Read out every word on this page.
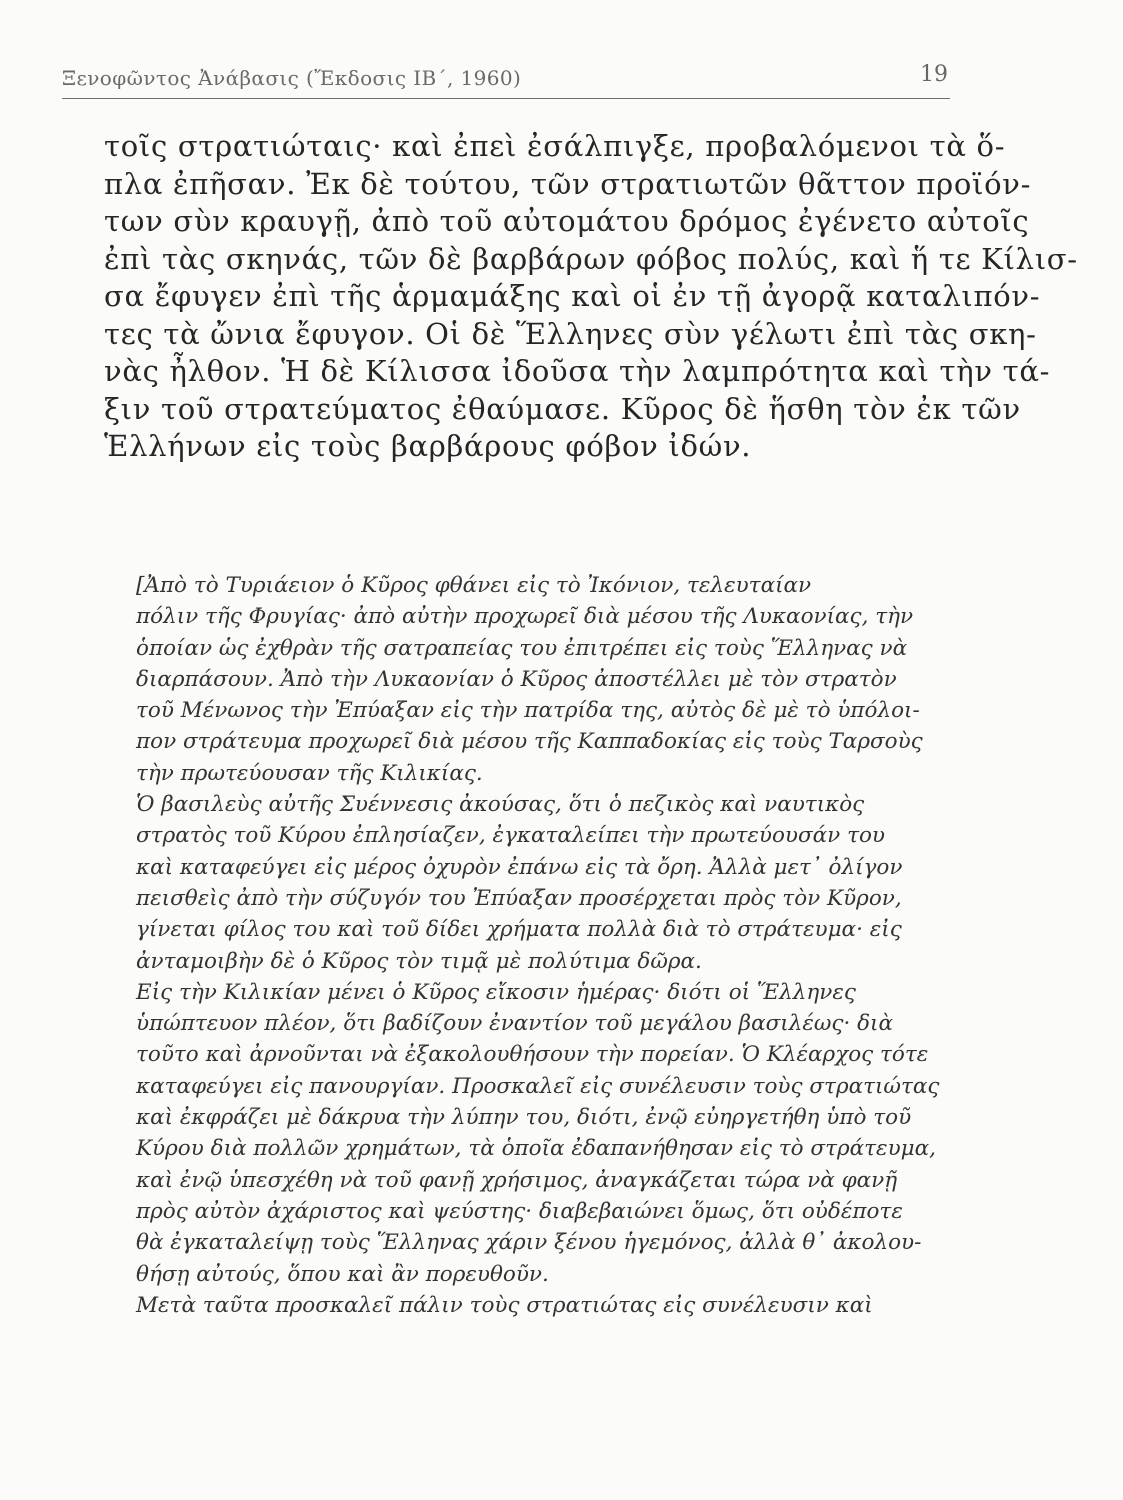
Ξενοφῶντος Ἀνάβασις (Ἔκδοσις ΙΒ΄, 1960)	19
τοῖς στρατιώταις· καὶ ἐπεὶ ἐσάλπιγξε, προβαλόμενοι τὰ ὅ-
πλα ἐπῆσαν. Ἐκ δὲ τούτου, τῶν στρατιωτῶν θᾶττον προϊόν-
των σὺν κραυγῇ, ἀπὸ τοῦ αὐτομάτου δρόμος ἐγένετο αὐτοῖς
ἐπὶ τὰς σκηνάς, τῶν δὲ βαρβάρων φόβος πολύς, καὶ ἥ τε Κίλισ-
σα ἔφυγεν ἐπὶ τῆς ἁρμαμάξης καὶ οἱ ἐν τῇ ἀγορᾷ καταλιπόν-
τες τὰ ὤνια ἔφυγον. Οἱ δὲ Ἕλληνες σὺν γέλωτι ἐπὶ τὰς σκη-
νὰς ἦλθον. Ἡ δὲ Κίλισσα ἰδοῦσα τὴν λαμπρότητα καὶ τὴν τά-
ξιν τοῦ στρατεύματος ἐθαύμασε. Κῦρος δὲ ἥσθη τὸν ἐκ τῶν
Ἑλλήνων εἰς τοὺς βαρβάρους φόβον ἰδών.
[Ἀπὸ τὸ Τυριάειον ὁ Κῦρος φθάνει εἰς τὸ Ἰκόνιον, τελευταίαν
πόλιν τῆς Φρυγίας· ἀπὸ αὐτὴν προχωρεῖ διὰ μέσου τῆς Λυκαονίας, τὴν
ὁποίαν ὡς ἐχθρὰν τῆς σατραπείας του ἐπιτρέπει εἰς τοὺς Ἕλληνας νὰ
διαρπάσουν. Ἀπὸ τὴν Λυκαονίαν ὁ Κῦρος ἀποστέλλει μὲ τὸν στρατὸν
τοῦ Μένωνος τὴν Ἐπύαξαν εἰς τὴν πατρίδα της, αὐτὸς δὲ μὲ τὸ ὑπόλοι-
πον στράτευμα προχωρεῖ διὰ μέσου τῆς Καππαδοκίας εἰς τοὺς Ταρσοὺς
τὴν πρωτεύουσαν τῆς Κιλικίας.
Ὁ βασιλεὺς αὐτῆς Συέννεσις ἀκούσας, ὅτι ὁ πεζικὸς καὶ ναυτικὸς
στρατὸς τοῦ Κύρου ἐπλησίαζεν, ἐγκαταλείπει τὴν πρωτεύουσάν του
καὶ καταφεύγει εἰς μέρος ὀχυρὸν ἐπάνω εἰς τὰ ὄρη. Ἀλλὰ μετ᾽ ὀλίγον
πεισθεὶς ἀπὸ τὴν σύζυγόν του Ἐπύαξαν προσέρχεται πρὸς τὸν Κῦρον,
γίνεται φίλος του καὶ τοῦ δίδει χρήματα πολλὰ διὰ τὸ στράτευμα· εἰς
ἀνταμοιβὴν δὲ ὁ Κῦρος τὸν τιμᾷ μὲ πολύτιμα δῶρα.
Εἰς τὴν Κιλικίαν μένει ὁ Κῦρος εἴκοσιν ἡμέρας· διότι οἱ Ἕλληνες
ὑπώπτευον πλέον, ὅτι βαδίζουν ἐναντίον τοῦ μεγάλου βασιλέως· διὰ
τοῦτο καὶ ἀρνοῦνται νὰ ἐξακολουθήσουν τὴν πορείαν. Ὁ Κλέαρχος τότε
καταφεύγει εἰς πανουργίαν. Προσκαλεῖ εἰς συνέλευσιν τοὺς στρατιώτας
καὶ ἐκφράζει μὲ δάκρυα τὴν λύπην του, διότι, ἐνῷ εὐηργετήθη ὑπὸ τοῦ
Κύρου διὰ πολλῶν χρημάτων, τὰ ὁποῖα ἐδαπανήθησαν εἰς τὸ στράτευμα,
καὶ ἐνῷ ὑπεσχέθη νὰ τοῦ φανῇ χρήσιμος, ἀναγκάζεται τώρα νὰ φανῇ
πρὸς αὐτὸν ἀχάριστος καὶ ψεύστης· διαβεβαιώνει ὅμως, ὅτι οὐδέποτε
θὰ ἐγκαταλείψῃ τοὺς Ἕλληνας χάριν ξένου ἡγεμόνος, ἀλλὰ θ᾽ ἀκολου-
θήσῃ αὐτούς, ὅπου καὶ ἂν πορευθοῦν.
Μετὰ ταῦτα προσκαλεῖ πάλιν τοὺς στρατιώτας εἰς συνέλευσιν καὶ
